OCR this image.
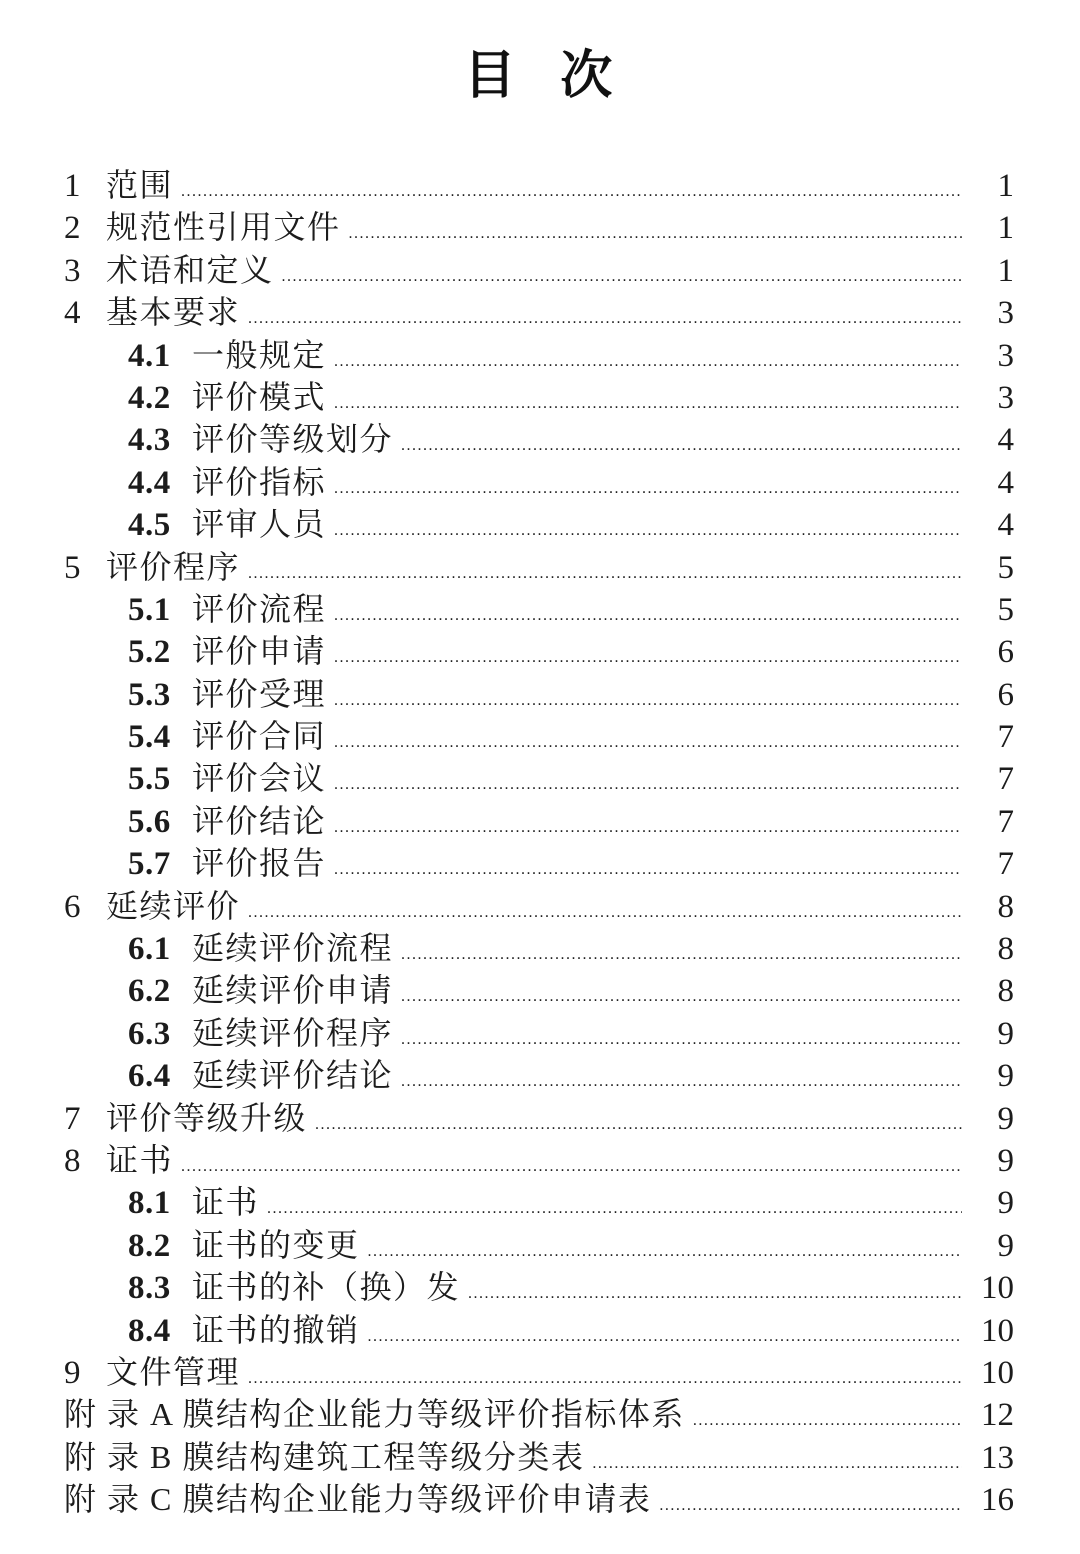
目 次
1 范围 .....	1
2 规范性引用文件 .....	1
3 术语和定义 .....	1
4 基本要求 .....	3
4.1 一般规定 .....	3
4.2 评价模式 .....	3
4.3 评价等级划分 .....	4
4.4 评价指标 .....	4
4.5 评审人员 .....	4
5 评价程序 .....	5
5.1 评价流程 .....	5
5.2 评价申请 .....	6
5.3 评价受理 .....	6
5.4 评价合同 .....	7
5.5 评价会议 .....	7
5.6 评价结论 .....	7
5.7 评价报告 .....	7
6 延续评价 .....	8
6.1 延续评价流程 .....	8
6.2 延续评价申请 .....	8
6.3 延续评价程序 .....	9
6.4 延续评价结论 .....	9
7 评价等级升级 .....	9
8 证书 .....	9
8.1 证书 .....	9
8.2 证书的变更 .....	9
8.3 证书的补（换）发 .....	10
8.4 证书的撤销 .....	10
9 文件管理 .....	10
附 录 A 膜结构企业能力等级评价指标体系 .....	12
附 录 B 膜结构建筑工程等级分类表 .....	13
附 录 C 膜结构企业能力等级评价申请表 .....	16
